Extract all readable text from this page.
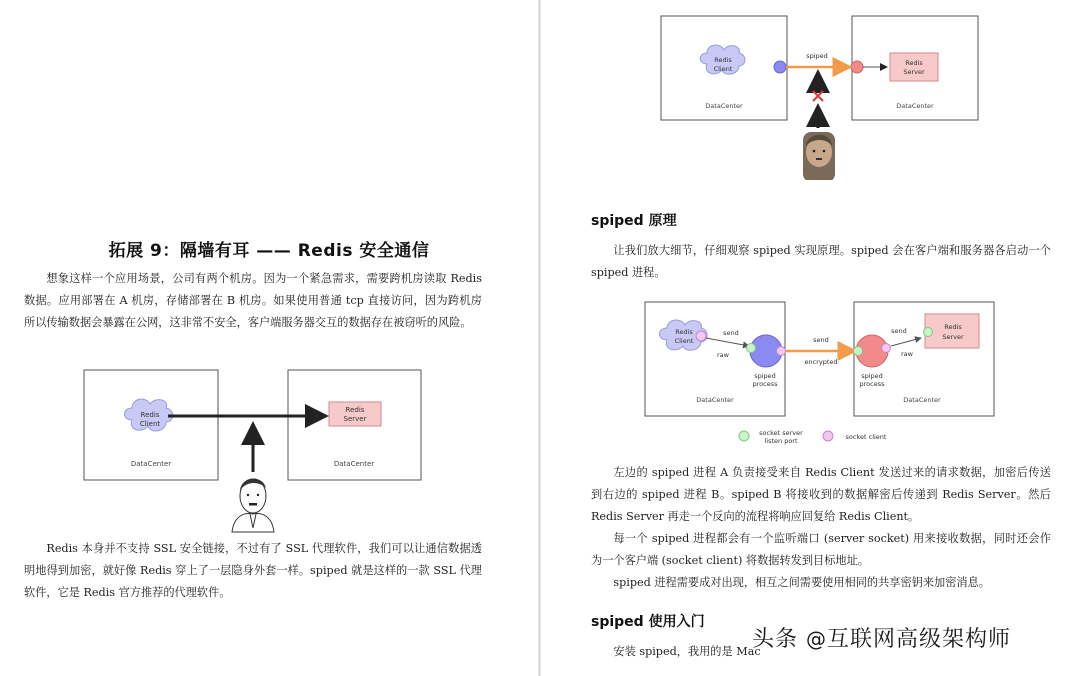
拓展 9：隔墙有耳 —— Redis 安全通信

想象这样一个应用场景，公司有两个机房。因为一个紧急需求，需要跨机房读取 Redis 数据。应用部署在 A 机房，存储部署在 B 机房。如果使用普通 tcp 直接访问，因为跨机房所以传输数据会暴露在公网，这非常不安全，客户端服务器交互的数据存在被窃听的风险。

Redis
Client
Redis
Server
DataCenter	DataCenter

Redis 本身并不支持 SSL 安全链接，不过有了 SSL 代理软件，我们可以让通信数据透明地得到加密，就好像 Redis 穿上了一层隐身外套一样。spiped 就是这样的一款 SSL 代理软件，它是 Redis 官方推荐的代理软件。

Redis
Client
spiped
Redis
Server
DataCenter	DataCenter
spiped 原理

让我们放大细节，仔细观察 spiped 实现原理。spiped 会在客户端和服务器各启动一个 spiped 进程。

Redis
Client
send
raw
spiped
process
send
encrypted
spiped
process
send
raw
Redis
Server
DataCenter	DataCenter
socket server
listen port	socket client

左边的 spiped 进程 A 负责接受来自 Redis Client 发送过来的请求数据，加密后传送到右边的 spiped 进程 B。spiped B 将接收到的数据解密后传递到 Redis Server。然后 Redis Server 再走一个反向的流程将响应回复给 Redis Client。

每一个 spiped 进程都会有一个监听端口 (server socket) 用来接收数据，同时还会作为一个客户端 (socket client) 将数据转发到目标地址。

spiped 进程需要成对出现，相互之间需要使用相同的共享密钥来加密消息。

spiped 使用入门

安装 spiped，我用的是 Mac

头条 @互联网高级架构师
